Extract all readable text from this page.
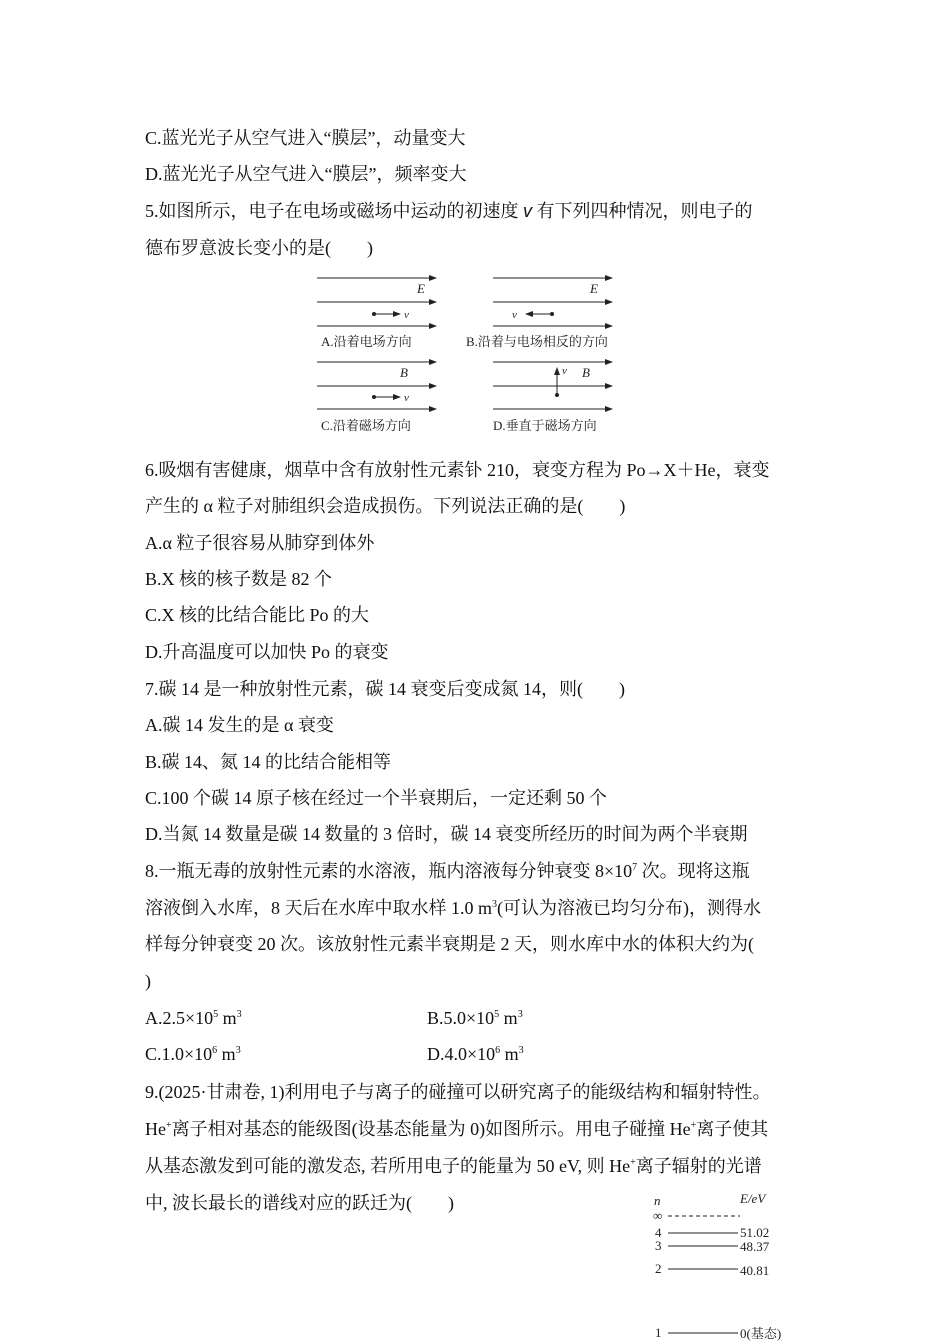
C.蓝光光子从空气进入“膜层”，动量变大
D.蓝光光子从空气进入“膜层”，频率变大
5.如图所示，电子在电场或磁场中运动的初速度 v 有下列四种情况，则电子的
德布罗意波长变小的是(　　)
E
v
A.沿着电场方向
E
v
B.沿着与电场相反的方向
B
v
C.沿着磁场方向
B
v
D.垂直于磁场方向
6.吸烟有害健康，烟草中含有放射性元素钋 210，衰变方程为 Po→X＋He，衰变
产生的 α 粒子对肺组织会造成损伤。下列说法正确的是(　　)
A.α 粒子很容易从肺穿到体外
B.X 核的核子数是 82 个
C.X 核的比结合能比 Po 的大
D.升高温度可以加快 Po 的衰变
7.碳 14 是一种放射性元素，碳 14 衰变后变成氮 14，则(　　)
A.碳 14 发生的是 α 衰变
B.碳 14、氮 14 的比结合能相等
C.100 个碳 14 原子核在经过一个半衰期后，一定还剩 50 个
D.当氮 14 数量是碳 14 数量的 3 倍时，碳 14 衰变所经历的时间为两个半衰期
8.一瓶无毒的放射性元素的水溶液，瓶内溶液每分钟衰变 $8\times 10^7$ 次。现将这瓶
溶液倒入水库，8 天后在水库中取水样 1.0 $m^3$(可认为溶液已均匀分布)，测得水
样每分钟衰变 20 次。该放射性元素半衰期是 2 天，则水库中水的体积大约为(
)
$A.2.5\times 10^5$ $m^3$	$B.5.0\times 10^5$ $m^3$
$C.1.0\times 10^6$ $m^3$	$D.4.0\times 10^6$ $m^3$
9.(2025·甘肃卷, 1)利用电子与离子的碰撞可以研究离子的能级结构和辐射特性。
He+离子相对基态的能级图(设基态能量为 0)如图所示。用电子碰撞 He+离子使其
从基态激发到可能的激发态, 若所用电子的能量为 50 eV, 则 He+离子辐射的光谱
中, 波长最长的谱线对应的跃迁为(　　)	n	E/eV
∞
4	51.02
3	48.37
2	40.81
1	0(基态)
